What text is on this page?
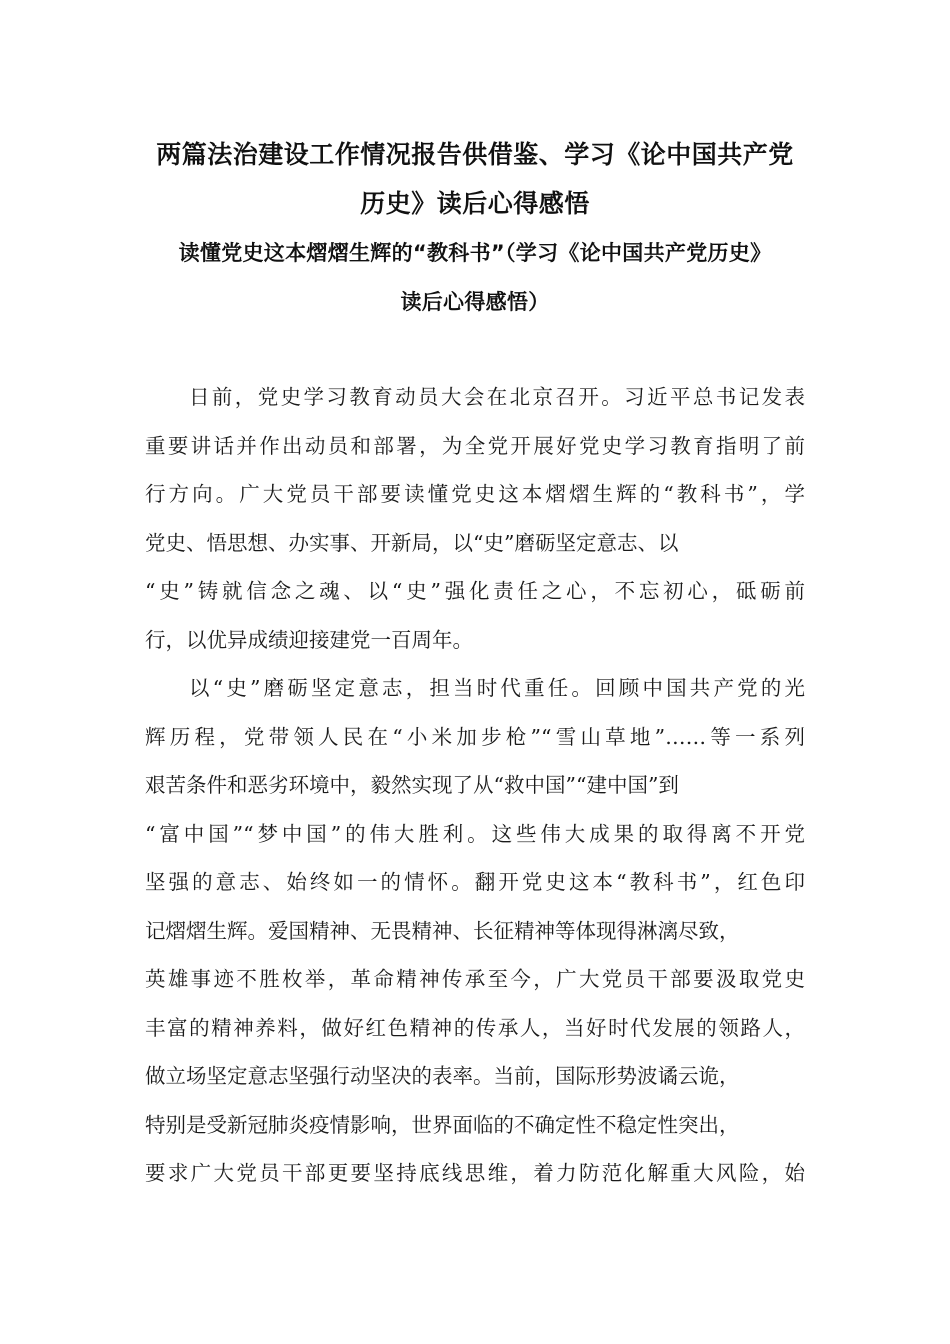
两篇法治建设工作情况报告供借鉴、学习《论中国共产党
历史》读后心得感悟
读懂党史这本熠熠生辉的“教科书”（学习《论中国共产党历史》
读后心得感悟）
日前，党史学习教育动员大会在北京召开。习近平总书记发表
重要讲话并作出动员和部署，为全党开展好党史学习教育指明了前
行方向。广大党员干部要读懂党史这本熠熠生辉的“教科书”，学
党史、悟思想、办实事、开新局，以“史”磨砺坚定意志、以
“史”铸就信念之魂、以“史”强化责任之心，不忘初心，砥砺前
行，以优异成绩迎接建党一百周年。
以“史”磨砺坚定意志，担当时代重任。回顾中国共产党的光
辉历程，党带领人民在“小米加步枪”“雪山草地”……等一系列
艰苦条件和恶劣环境中，毅然实现了从“救中国”“建中国”到
“富中国”“梦中国”的伟大胜利。这些伟大成果的取得离不开党
坚强的意志、始终如一的情怀。翻开党史这本“教科书”，红色印
记熠熠生辉。爱国精神、无畏精神、长征精神等体现得淋漓尽致，
英雄事迹不胜枚举，革命精神传承至今，广大党员干部要汲取党史
丰富的精神养料，做好红色精神的传承人，当好时代发展的领路人，
做立场坚定意志坚强行动坚决的表率。当前，国际形势波谲云诡，
特别是受新冠肺炎疫情影响，世界面临的不确定性不稳定性突出，
要求广大党员干部更要坚持底线思维，着力防范化解重大风险，始
